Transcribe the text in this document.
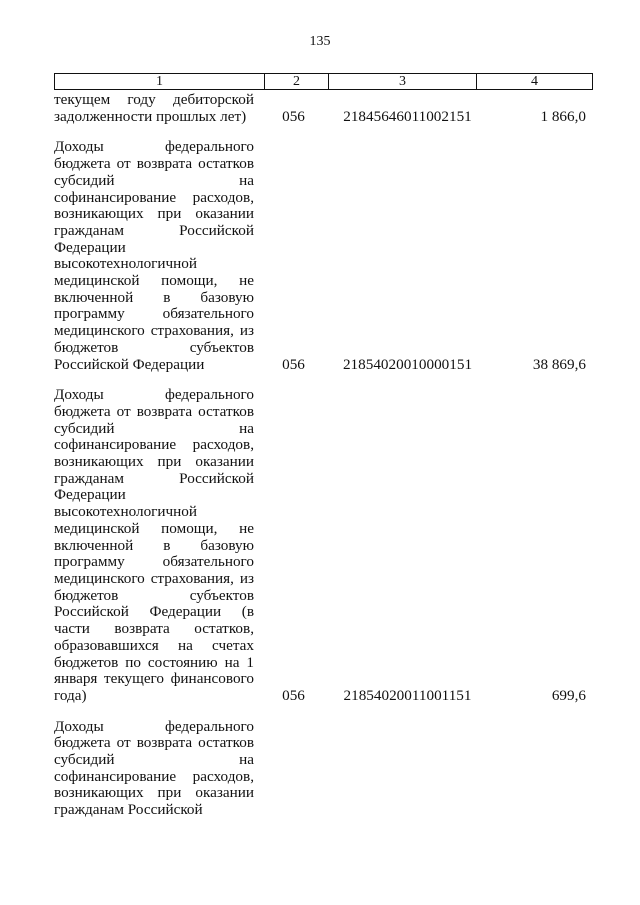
135
1	2	3	4
текущем году дебиторской
задолженности прошлых лет)	056	21845646011002151	1 866,0
Доходы федерального
бюджета от возврата остатков
субсидий на
софинансирование расходов,
возникающих при оказании
гражданам Российской
Федерации
высокотехнологичной
медицинской помощи, не
включенной в базовую
программу обязательного
медицинского страхования, из
бюджетов субъектов
Российской Федерации	056	21854020010000151	38 869,6
Доходы федерального
бюджета от возврата остатков
субсидий на
софинансирование расходов,
возникающих при оказании
гражданам Российской
Федерации
высокотехнологичной
медицинской помощи, не
включенной в базовую
программу обязательного
медицинского страхования, из
бюджетов субъектов
Российской Федерации (в
части возврата остатков,
образовавшихся на счетах
бюджетов по состоянию на 1
января текущего финансового
года)	056	21854020011001151	699,6
Доходы федерального
бюджета от возврата остатков
субсидий на
софинансирование расходов,
возникающих при оказании
гражданам Российской
